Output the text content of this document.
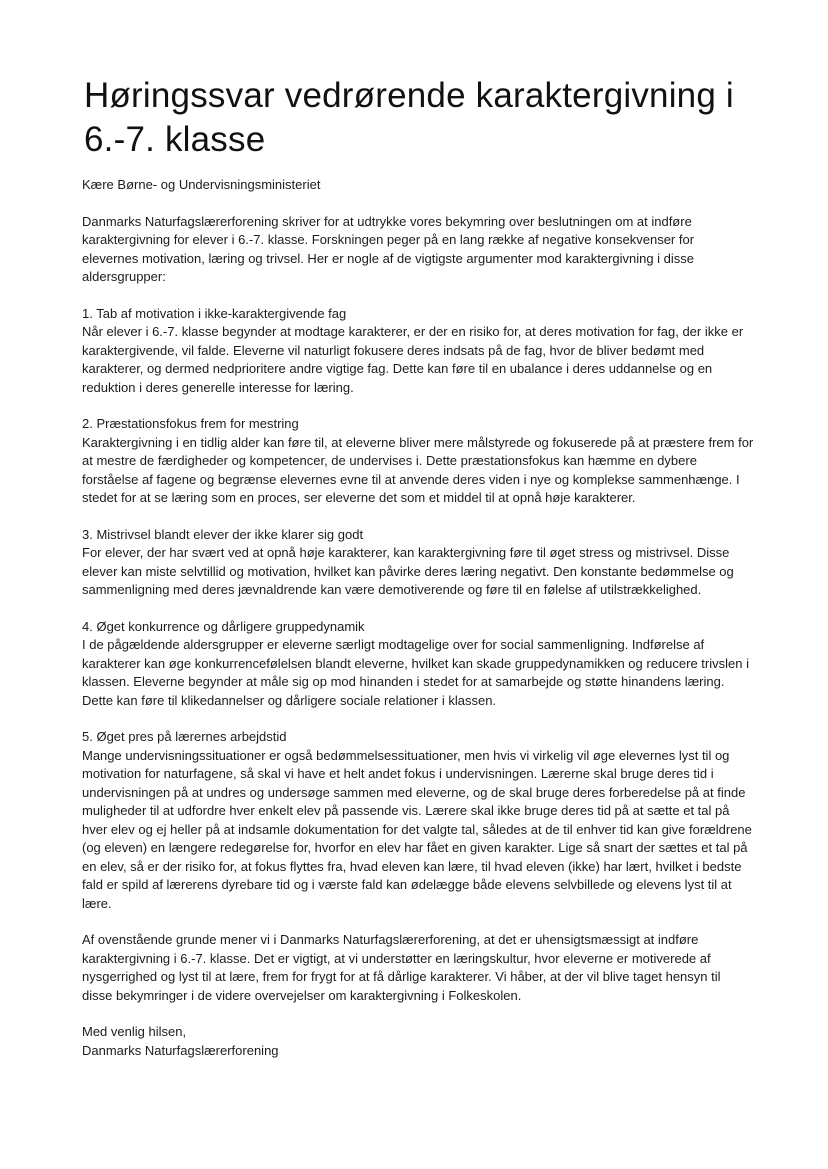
Høringssvar vedrørende karaktergivning i 6.-7. klasse

Kære Børne- og Undervisningsministeriet

Danmarks Naturfagslærerforening skriver for at udtrykke vores bekymring over beslutningen om at indføre karaktergivning for elever i 6.-7. klasse. Forskningen peger på en lang række af negative konsekvenser for elevernes motivation, læring og trivsel. Her er nogle af de vigtigste argumenter mod karaktergivning i disse aldersgrupper:

1. Tab af motivation i ikke-karaktergivende fag

Når elever i 6.-7. klasse begynder at modtage karakterer, er der en risiko for, at deres motivation for fag, der ikke er karaktergivende, vil falde. Eleverne vil naturligt fokusere deres indsats på de fag, hvor de bliver bedømt med karakterer, og dermed nedprioritere andre vigtige fag. Dette kan føre til en ubalance i deres uddannelse og en reduktion i deres generelle interesse for læring.

2. Præstationsfokus frem for mestring

Karaktergivning i en tidlig alder kan føre til, at eleverne bliver mere målstyrede og fokuserede på at præstere frem for at mestre de færdigheder og kompetencer, de undervises i. Dette præstationsfokus kan hæmme en dybere forståelse af fagene og begrænse elevernes evne til at anvende deres viden i nye og komplekse sammenhænge. I stedet for at se læring som en proces, ser eleverne det som et middel til at opnå høje karakterer.

3. Mistrivsel blandt elever der ikke klarer sig godt

For elever, der har svært ved at opnå høje karakterer, kan karaktergivning føre til øget stress og mistrivsel. Disse elever kan miste selvtillid og motivation, hvilket kan påvirke deres læring negativt. Den konstante bedømmelse og sammenligning med deres jævnaldrende kan være demotiverende og føre til en følelse af utilstrækkelighed.

4. Øget konkurrence og dårligere gruppedynamik

I de pågældende aldersgrupper er eleverne særligt modtagelige over for social sammenligning. Indførelse af karakterer kan øge konkurrencefølelsen blandt eleverne, hvilket kan skade gruppedynamikken og reducere trivslen i klassen. Eleverne begynder at måle sig op mod hinanden i stedet for at samarbejde og støtte hinandens læring. Dette kan føre til klikedannelser og dårligere sociale relationer i klassen.

5. Øget pres på lærernes arbejdstid

Mange undervisningssituationer er også bedømmelsessituationer, men hvis vi virkelig vil øge elevernes lyst til og motivation for naturfagene, så skal vi have et helt andet fokus i undervisningen. Lærerne skal bruge deres tid i undervisningen på at undres og undersøge sammen med eleverne, og de skal bruge deres forberedelse på at finde muligheder til at udfordre hver enkelt elev på passende vis. Lærere skal ikke bruge deres tid på at sætte et tal på hver elev og ej heller på at indsamle dokumentation for det valgte tal, således at de til enhver tid kan give forældrene (og eleven) en længere redegørelse for, hvorfor en elev har fået en given karakter. Lige så snart der sættes et tal på en elev, så er der risiko for, at fokus flyttes fra, hvad eleven kan lære, til hvad eleven (ikke) har lært, hvilket i bedste fald er spild af lærerens dyrebare tid og i værste fald kan ødelægge både elevens selvbillede og elevens lyst til at lære.

Af ovenstående grunde mener vi i Danmarks Naturfagslærerforening, at det er uhensigtsmæssigt at indføre karaktergivning i 6.-7. klasse. Det er vigtigt, at vi understøtter en læringskultur, hvor eleverne er motiverede af nysgerrighed og lyst til at lære, frem for frygt for at få dårlige karakterer. Vi håber, at der vil blive taget hensyn til disse bekymringer i de videre overvejelser om karaktergivning i Folkeskolen.

Med venlig hilsen,
Danmarks Naturfagslærerforening
